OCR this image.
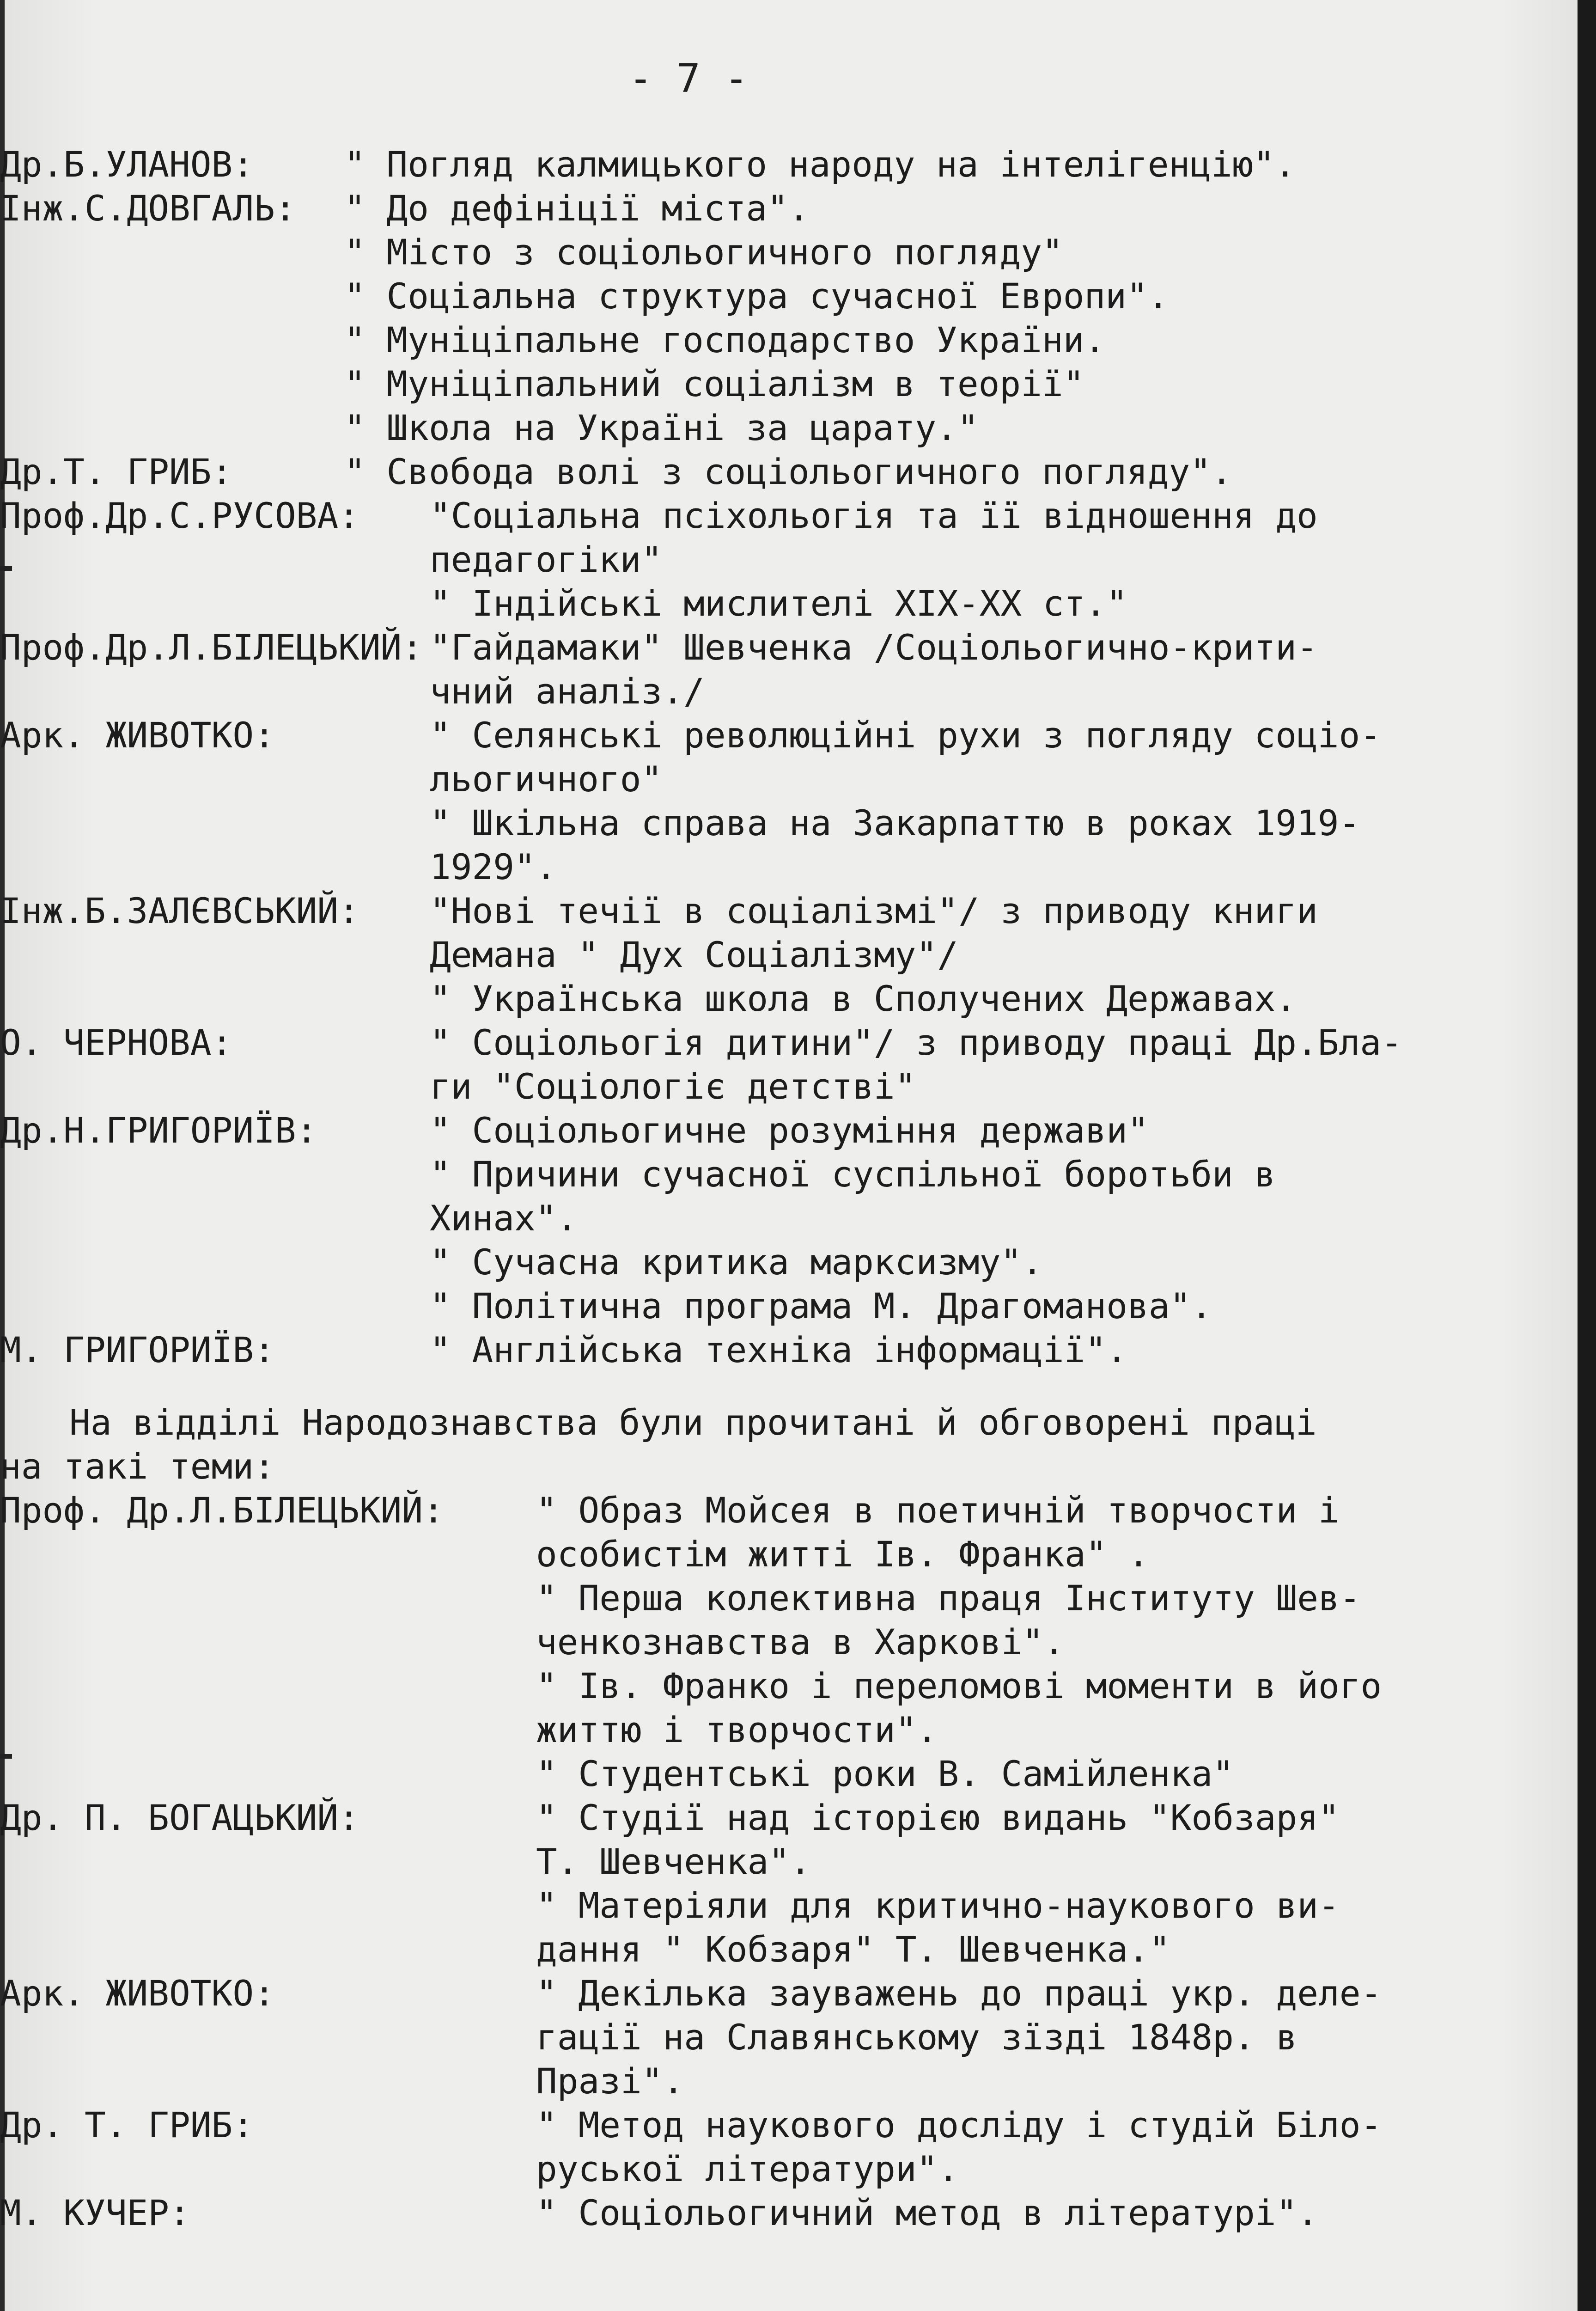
- 7 -
Др.Б.УЛАНОВ:	" Погляд калмицького народу на інтелігенцію".
Інж.С.ДОВГАЛЬ: " До дефініції міста".
" Місто з соціольогичного погляду"
" Соціальна структура сучасної Европи".
" Муніціпальне господарство України.
" Муніціпальний соціалізм в теорії"
" Школа на Україні за царату."
Др.Т. ГРИБ:	" Свобода волі з соціольогичного погляду".
Проф.Др.С.РУСОВА: "Соціальна псіхольогія та її відношення до
педагогіки"
" Індійські мислителі XIX-XX ст."
Проф.Др.Л.БІЛЕЦЬКИЙ: "Гайдамаки" Шевченка /Соціольогично-крити-
чний аналіз./
Арк. ЖИВОТКО:	" Селянські революційні рухи з погляду соціо-
льогичного"
" Шкільна справа на Закарпаттю в роках 1919-
1929".
Інж.Б.ЗАЛЄВСЬКИЙ: "Нові течії в соціалізмі"/ з приводу книги
Демана " Дух Соціалізму"/
" Українська школа в Сполучених Державах.
О. ЧЕРНОВА:	" Соціольогія дитини"/ з приводу праці Др.Бла-
ги "Соціологіє детстві"
Др.Н.ГРИГОРИЇВ:	" Соціольогичне розуміння держави"
" Причини сучасної суспільної боротьби в
Хинах".
" Сучасна критика марксизму".
" Політична програма М. Драгоманова".
М. ГРИГОРИЇВ:	" Англійська техніка інформації".
На відділі Народознавства були прочитані й обговорені праці
на такі теми:
Проф. Др.Л.БІЛЕЦЬКИЙ:	" Образ Мойсея в поетичній творчости і
особистім житті Ів. Франка" .
" Перша колективна праця Інституту Шев-
ченкознавства в Харкові".
" Ів. Франко і переломові моменти в його
життю і творчости".
" Студентські роки В. Самійленка"
Др. П. БОГАЦЬКИЙ:	" Студії над історією видань "Кобзаря"
Т. Шевченка".
" Матеріяли для критично-наукового ви-
дання " Кобзаря" Т. Шевченка."
Арк. ЖИВОТКО:	" Декілька зауважень до праці укр. деле-
гації на Славянському зїзді 1848р. в
Празі".
Др. Т. ГРИБ:	" Метод наукового досліду і студій Біло-
руської літератури".
М. КУЧЕР:	" Соціольогичний метод в літературі".
